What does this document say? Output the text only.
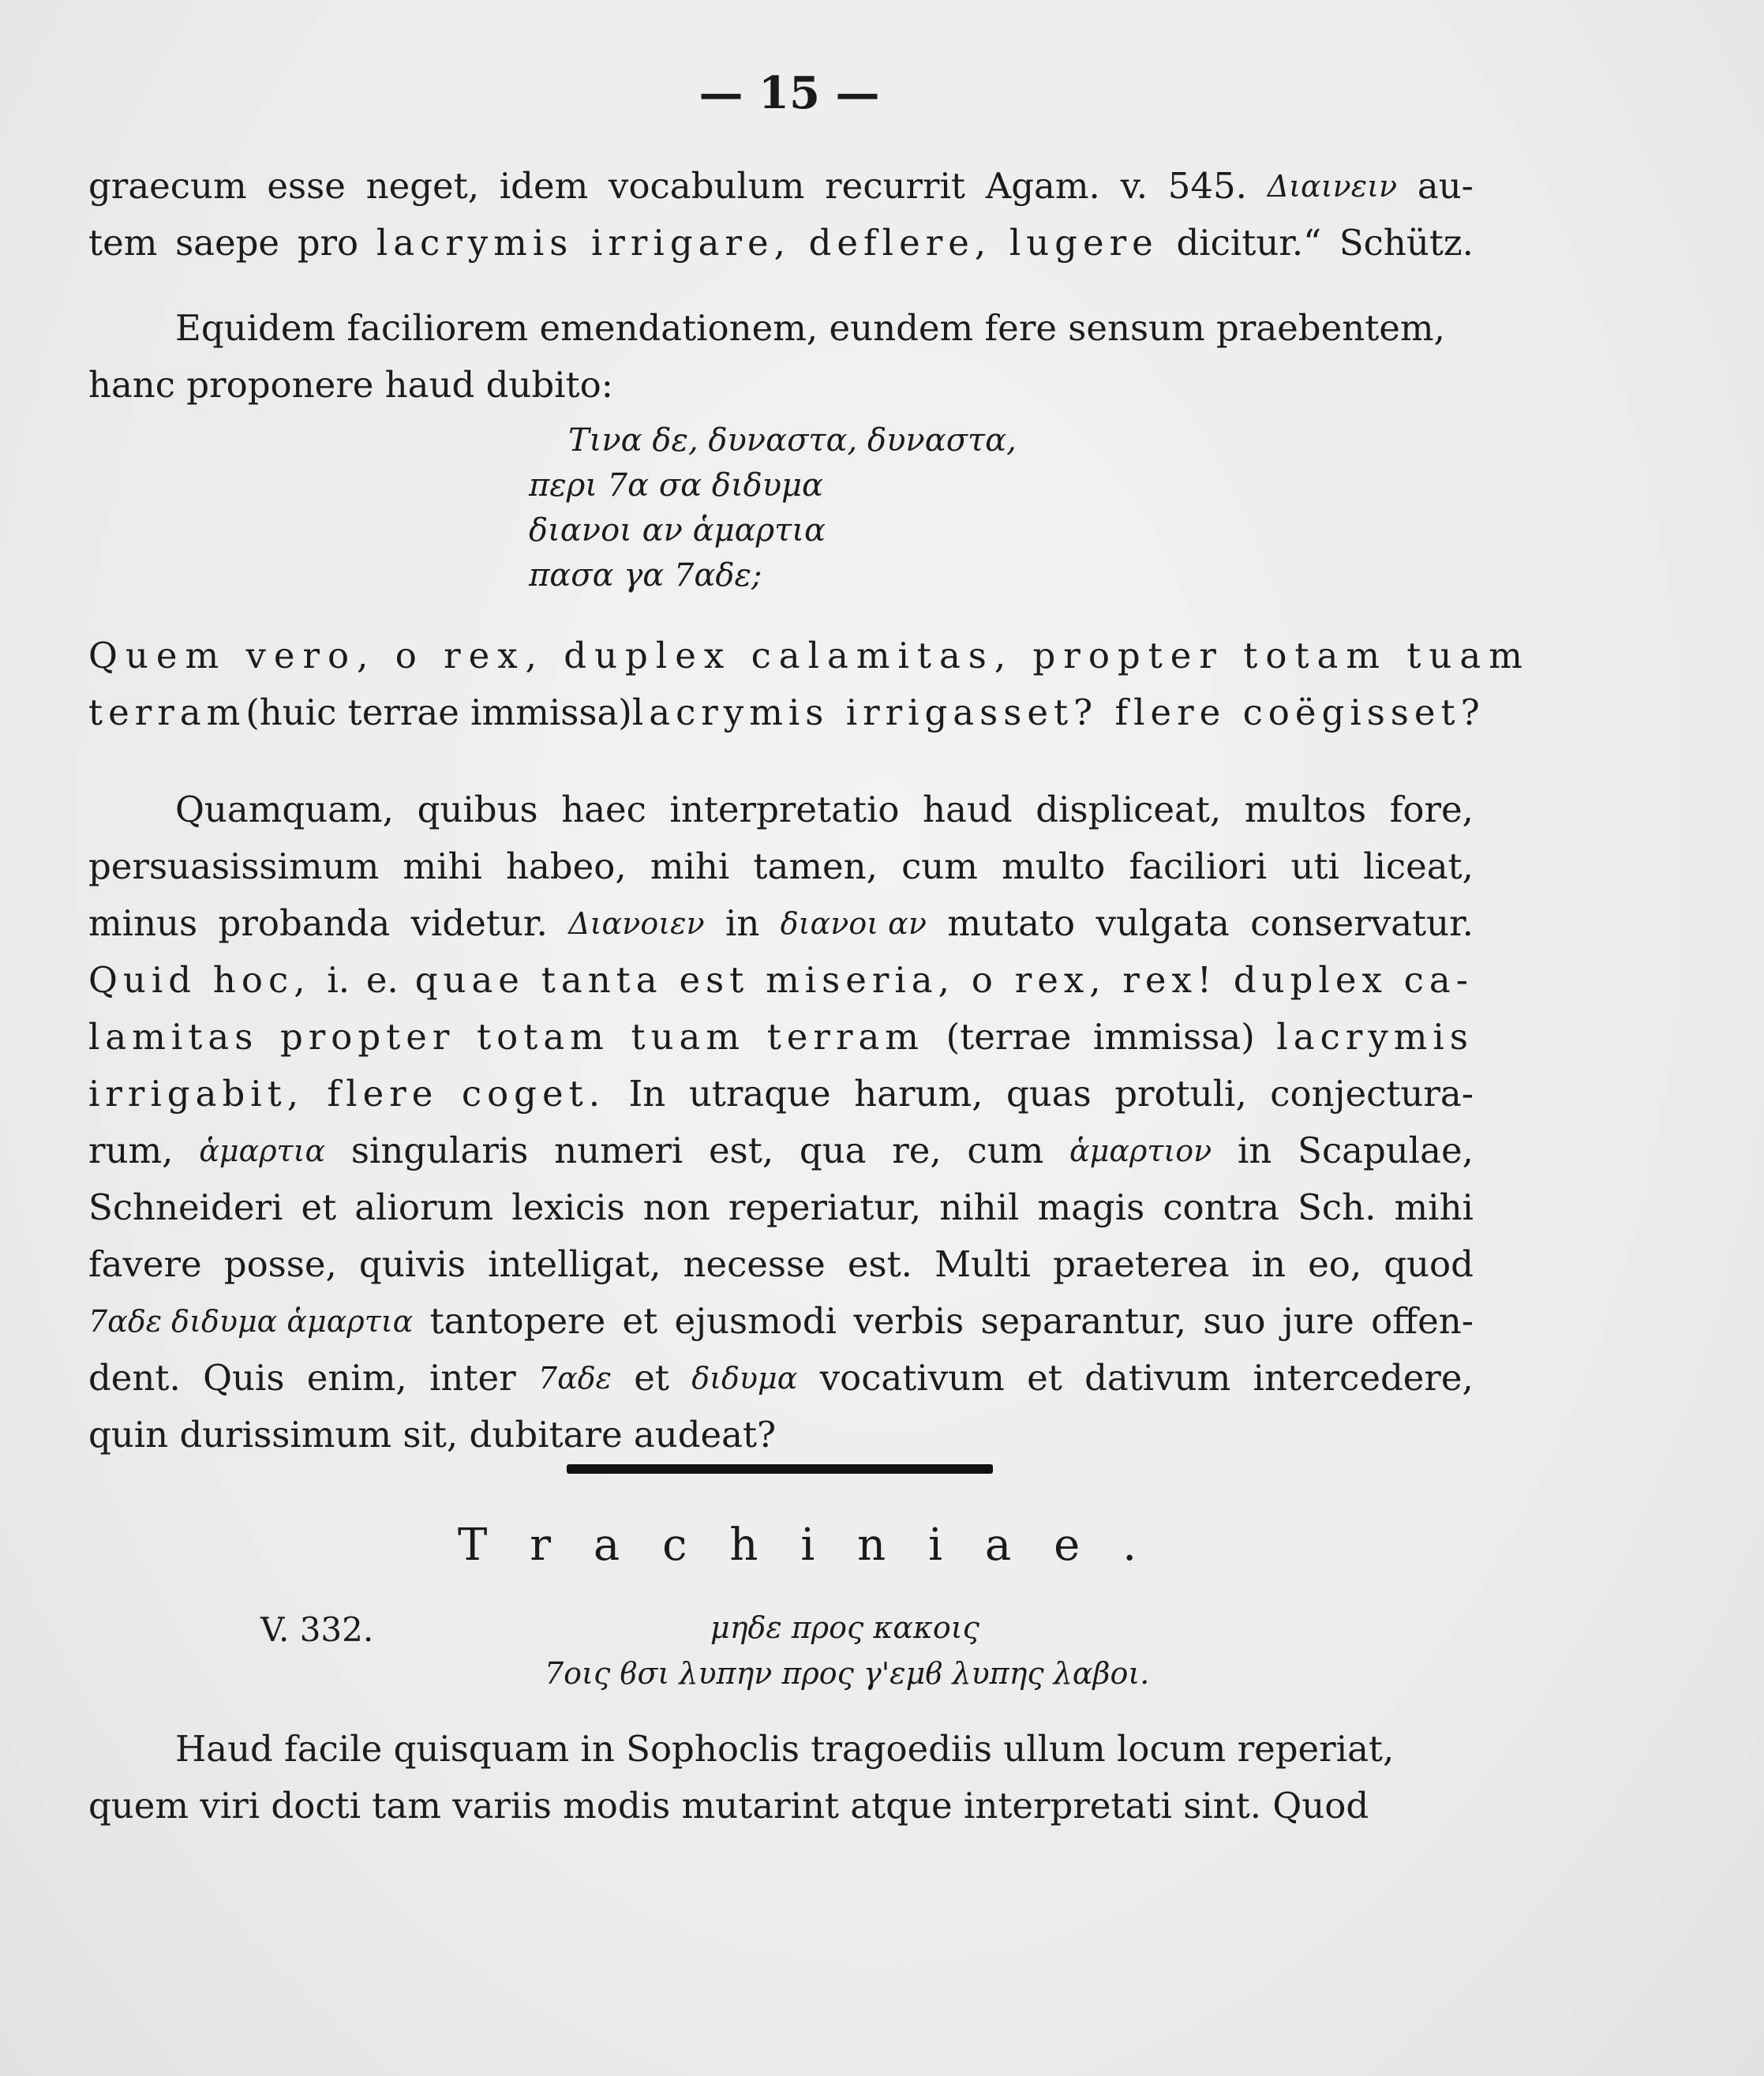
— 15 —
graecum esse neget, idem vocabulum recurrit Agam. v. 545. Διαινειν au-
tem saepe pro lacrymis irrigare, deflere, lugere dicitur.“ Schütz.
Equidem faciliorem emendationem, eundem fere sensum praebentem,
hanc proponere haud dubito:
Τινα δε, δυναστα, δυναστα,
περι 7α σα διδυμα
διανοι αν ἁμαρτια
πασα γα 7αδε;
Quem vero, o rex, duplex calamitas, propter totam tuam
terram (huic terrae immissa) lacrymis irrigasset? flere coëgisset?
Quamquam, quibus haec interpretatio haud displiceat, multos fore,
persuasissimum mihi habeo, mihi tamen, cum multo faciliori uti liceat,
minus probanda videtur. Διανοιεν in διανοι αν mutato vulgata conservatur.
Quid hoc, i. e. quae tanta est miseria, o rex, rex! duplex ca-
lamitas propter totam tuam terram (terrae immissa) lacrymis
irrigabit, flere coget. In utraque harum, quas protuli, conjectura-
rum, ἁμαρτια singularis numeri est, qua re, cum ἁμαρτιον in Scapulae,
Schneideri et aliorum lexicis non reperiatur, nihil magis contra Sch. mihi
favere posse, quivis intelligat, necesse est. Multi praeterea in eo, quod
7αδε διδυμα ἁμαρτια tantopere et ejusmodi verbis separantur, suo jure offen-
dent. Quis enim, inter 7αδε et διδυμα vocativum et dativum intercedere,
quin durissimum sit, dubitare audeat?
T r a c h i n i a e .
V. 332.	μηδε προς κακοις
7οις ϐσι λυπην προς γ'εμϐ λυπης λαβοι.
Haud facile quisquam in Sophoclis tragoediis ullum locum reperiat,
quem viri docti tam variis modis mutarint atque interpretati sint. Quod
